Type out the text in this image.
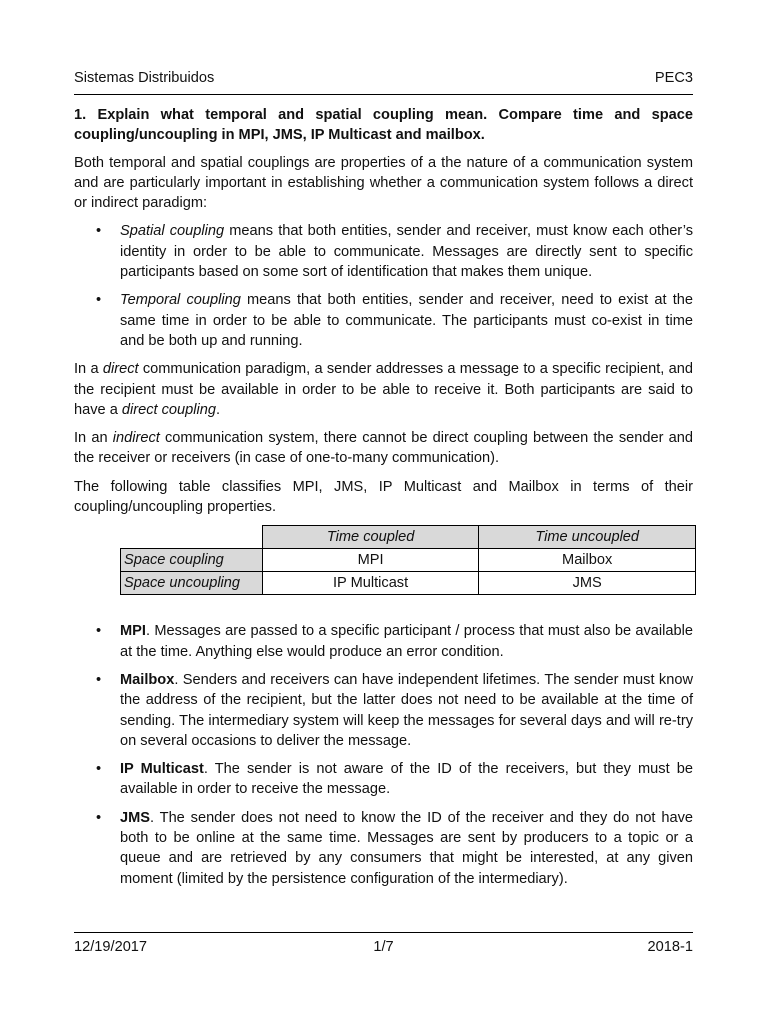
Sistemas Distribuidos	PEC3

1. Explain what temporal and spatial coupling mean. Compare time and space coupling/uncoupling in MPI, JMS, IP Multicast and mailbox.

Both temporal and spatial couplings are properties of a the nature of a communication system and are particularly important in establishing whether a communication system follows a direct or indirect paradigm:

• Spatial coupling means that both entities, sender and receiver, must know each other’s identity in order to be able to communicate. Messages are directly sent to specific participants based on some sort of identification that makes them unique.
• Temporal coupling means that both entities, sender and receiver, need to exist at the same time in order to be able to communicate. The participants must co-exist in time and be both up and running.

In a direct communication paradigm, a sender addresses a message to a specific recipient, and the recipient must be available in order to be able to receive it. Both participants are said to have a direct coupling.

In an indirect communication system, there cannot be direct coupling between the sender and the receiver or receivers (in case of one-to-many communication).

The following table classifies MPI, JMS, IP Multicast and Mailbox in terms of their coupling/uncoupling properties.

	Time coupled	Time uncoupled
Space coupling	MPI	Mailbox
Space uncoupling	IP Multicast	JMS
• MPI. Messages are passed to a specific participant / process that must also be available at the time. Anything else would produce an error condition.
• Mailbox. Senders and receivers can have independent lifetimes. The sender must know the address of the recipient, but the latter does not need to be available at the time of sending. The intermediary system will keep the messages for several days and will re-try on several occasions to deliver the message.
• IP Multicast. The sender is not aware of the ID of the receivers, but they must be available in order to receive the message.
• JMS. The sender does not need to know the ID of the receiver and they do not have both to be online at the same time. Messages are sent by producers to a topic or a queue and are retrieved by any consumers that might be interested, at any given moment (limited by the persistence configuration of the intermediary).
12/19/2017	1/7	2018-1
